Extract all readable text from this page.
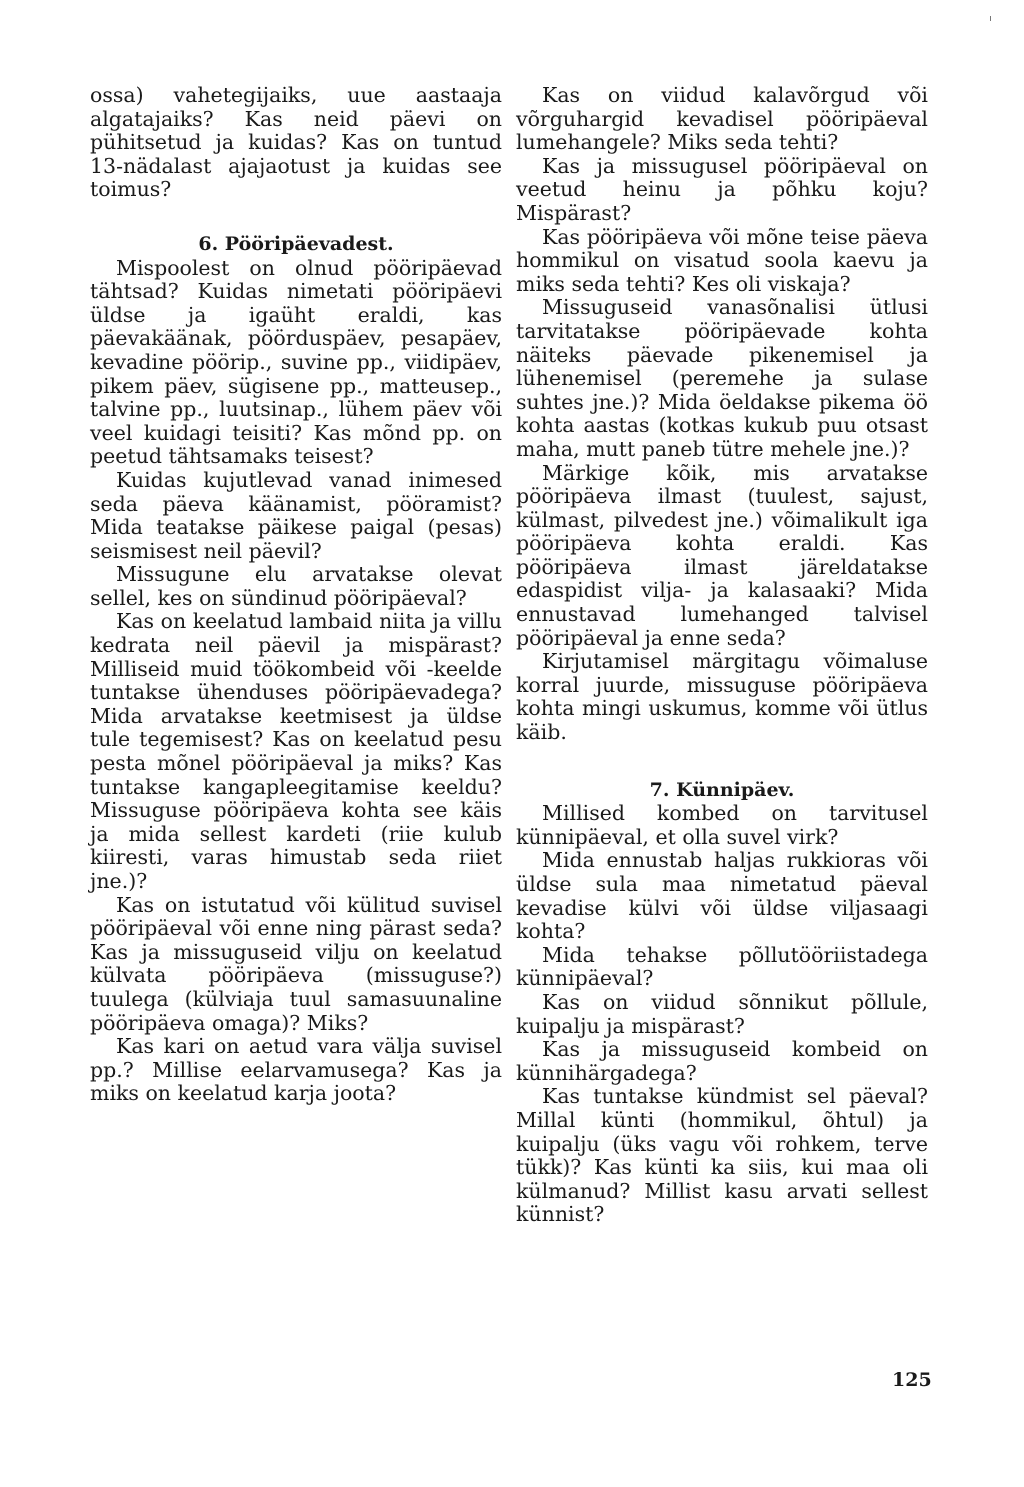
ossa) vahetegijaiks, uue aastaaja algatajaiks? Kas neid päevi on pühitsetud ja kuidas? Kas on tuntud 13-nädalast ajajaotust ja kuidas see toimus?

6. Pööripäevadest.

Mispoolest on olnud pööripäevad tähtsad? Kuidas nimetati pööripäevi üldse ja igaüht eraldi, kas päevakäänak, pöörduspäev, pesapäev, kevadine pöörip., suvine pp., viidipäev, pikem päev, sügisene pp., matteusep., talvine pp., luutsinap., lühem päev või veel kuidagi teisiti? Kas mõnd pp. on peetud tähtsamaks teisest?

Kuidas kujutlevad vanad inimesed seda päeva käänamist, pööramist? Mida teatakse päikese paigal (pesas) seismisest neil päevil?

Missugune elu arvatakse olevat sellel, kes on sündinud pööripäeval?

Kas on keelatud lambaid niita ja villu kedrata neil päevil ja mispärast? Milliseid muid töökombeid või -keelde tuntakse ühenduses pööripäevadega? Mida arvatakse keetmisest ja üldse tule tegemisest? Kas on keelatud pesu pesta mõnel pööripäeval ja miks? Kas tuntakse kangapleegitamise keeldu? Missuguse pööripäeva kohta see käis ja mida sellest kardeti (riie kulub kiiresti, varas himustab seda riiet jne.)?

Kas on istutatud või külitud suvisel pööripäeval või enne ning pärast seda? Kas ja missuguseid vilju on keelatud külvata pööripäeva (missuguse?) tuulega (külviaja tuul samasuunaline pööripäeva omaga)? Miks?

Kas kari on aetud vara välja suvisel pp.? Millise eelarvamusega? Kas ja miks on keelatud karja joota?

Kas on viidud kalavõrgud või võrguhargid kevadisel pööripäeval lumehangele? Miks seda tehti?

Kas ja missugusel pööripäeval on veetud heinu ja põhku koju? Mispärast?

Kas pööripäeva või mõne teise päeva hommikul on visatud soola kaevu ja miks seda tehti? Kes oli viskaja?

Missuguseid vanasõnalisi ütlusi tarvitatakse pööripäevade kohta näiteks päevade pikenemisel ja lühenemisel (peremehe ja sulase suhtes jne.)? Mida öeldakse pikema öö kohta aastas (kotkas kukub puu otsast maha, mutt paneb tütre mehele jne.)?

Märkige kõik, mis arvatakse pööripäeva ilmast (tuulest, sajust, külmast, pilvedest jne.) võimalikult iga pööripäeva kohta eraldi. Kas pööripäeva ilmast järeldatakse edaspidist vilja- ja kalasaaki? Mida ennustavad lumehanged talvisel pööripäeval ja enne seda?

Kirjutamisel märgitagu võimaluse korral juurde, missuguse pööripäeva kohta mingi uskumus, komme või ütlus käib.

7. Künnipäev.

Millised kombed on tarvitusel künnipäeval, et olla suvel virk?

Mida ennustab haljas rukkioras või üldse sula maa nimetatud päeval kevadise külvi või üldse viljasaagi kohta?

Mida tehakse põllutööriistadega künnipäeval?

Kas on viidud sõnnikut põllule, kuipalju ja mispärast?

Kas ja missuguseid kombeid on künnihärgadega?

Kas tuntakse kündmist sel päeval? Millal künti (hommikul, õhtul) ja kuipalju (üks vagu või rohkem, terve tükk)? Kas künti ka siis, kui maa oli külmanud? Millist kasu arvati sellest künnist?

125
